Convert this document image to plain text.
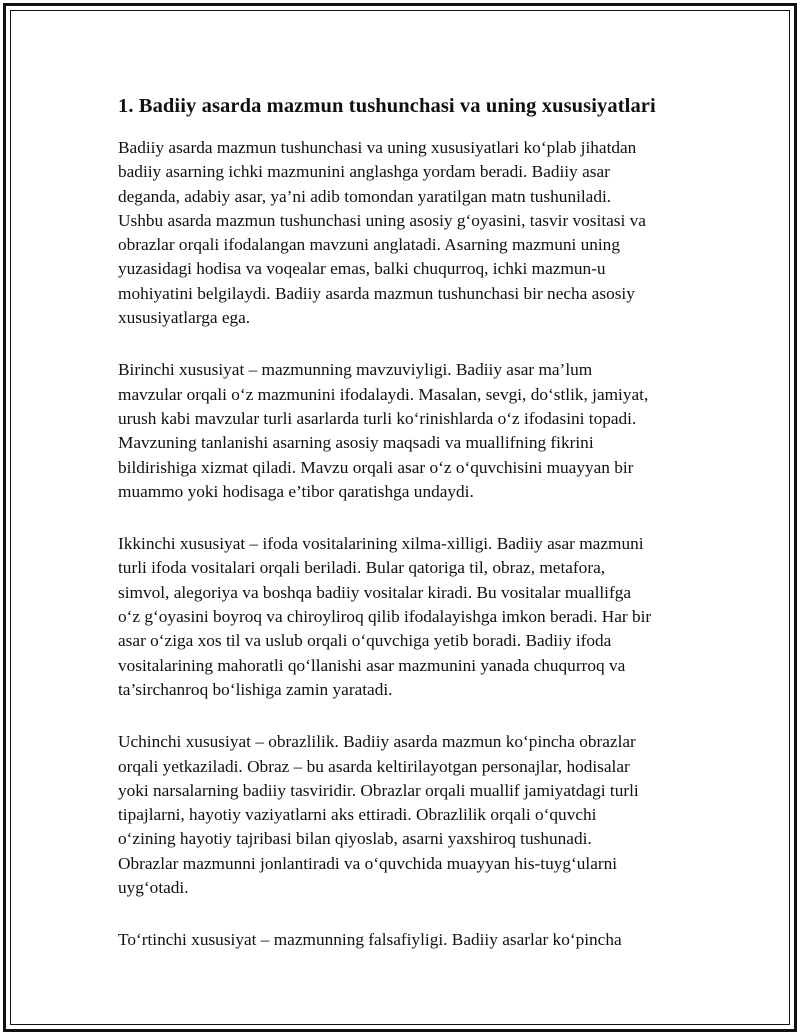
1. Badiiy asarda mazmun tushunchasi va uning xususiyatlari

Badiiy asarda mazmun tushunchasi va uning xususiyatlari ko‘plab jihatdan
badiiy asarning ichki mazmunini anglashga yordam beradi. Badiiy asar
deganda, adabiy asar, ya’ni adib tomondan yaratilgan matn tushuniladi.
Ushbu asarda mazmun tushunchasi uning asosiy g‘oyasini, tasvir vositasi va
obrazlar orqali ifodalangan mavzuni anglatadi. Asarning mazmuni uning
yuzasidagi hodisa va voqealar emas, balki chuqurroq, ichki mazmun-u
mohiyatini belgilaydi. Badiiy asarda mazmun tushunchasi bir necha asosiy
xususiyatlarga ega.

Birinchi xususiyat – mazmunning mavzuviyligi. Badiiy asar ma’lum
mavzular orqali o‘z mazmunini ifodalaydi. Masalan, sevgi, do‘stlik, jamiyat,
urush kabi mavzular turli asarlarda turli ko‘rinishlarda o‘z ifodasini topadi.
Mavzuning tanlanishi asarning asosiy maqsadi va muallifning fikrini
bildirishiga xizmat qiladi. Mavzu orqali asar o‘z o‘quvchisini muayyan bir
muammo yoki hodisaga e’tibor qaratishga undaydi.

Ikkinchi xususiyat – ifoda vositalarining xilma-xilligi. Badiiy asar mazmuni
turli ifoda vositalari orqali beriladi. Bular qatoriga til, obraz, metafora,
simvol, alegoriya va boshqa badiiy vositalar kiradi. Bu vositalar muallifga
o‘z g‘oyasini boyroq va chiroyliroq qilib ifodalayishga imkon beradi. Har bir
asar o‘ziga xos til va uslub orqali o‘quvchiga yetib boradi. Badiiy ifoda
vositalarining mahoratli qo‘llanishi asar mazmunini yanada chuqurroq va
ta’sirchanroq bo‘lishiga zamin yaratadi.

Uchinchi xususiyat – obrazlilik. Badiiy asarda mazmun ko‘pincha obrazlar
orqali yetkaziladi. Obraz – bu asarda keltirilayotgan personajlar, hodisalar
yoki narsalarning badiiy tasviridir. Obrazlar orqali muallif jamiyatdagi turli
tipajlarni, hayotiy vaziyatlarni aks ettiradi. Obrazlilik orqali o‘quvchi
o‘zining hayotiy tajribasi bilan qiyoslab, asarni yaxshiroq tushunadi.
Obrazlar mazmunni jonlantiradi va o‘quvchida muayyan his-tuyg‘ularni
uyg‘otadi.

To‘rtinchi xususiyat – mazmunning falsafiyligi. Badiiy asarlar ko‘pincha
